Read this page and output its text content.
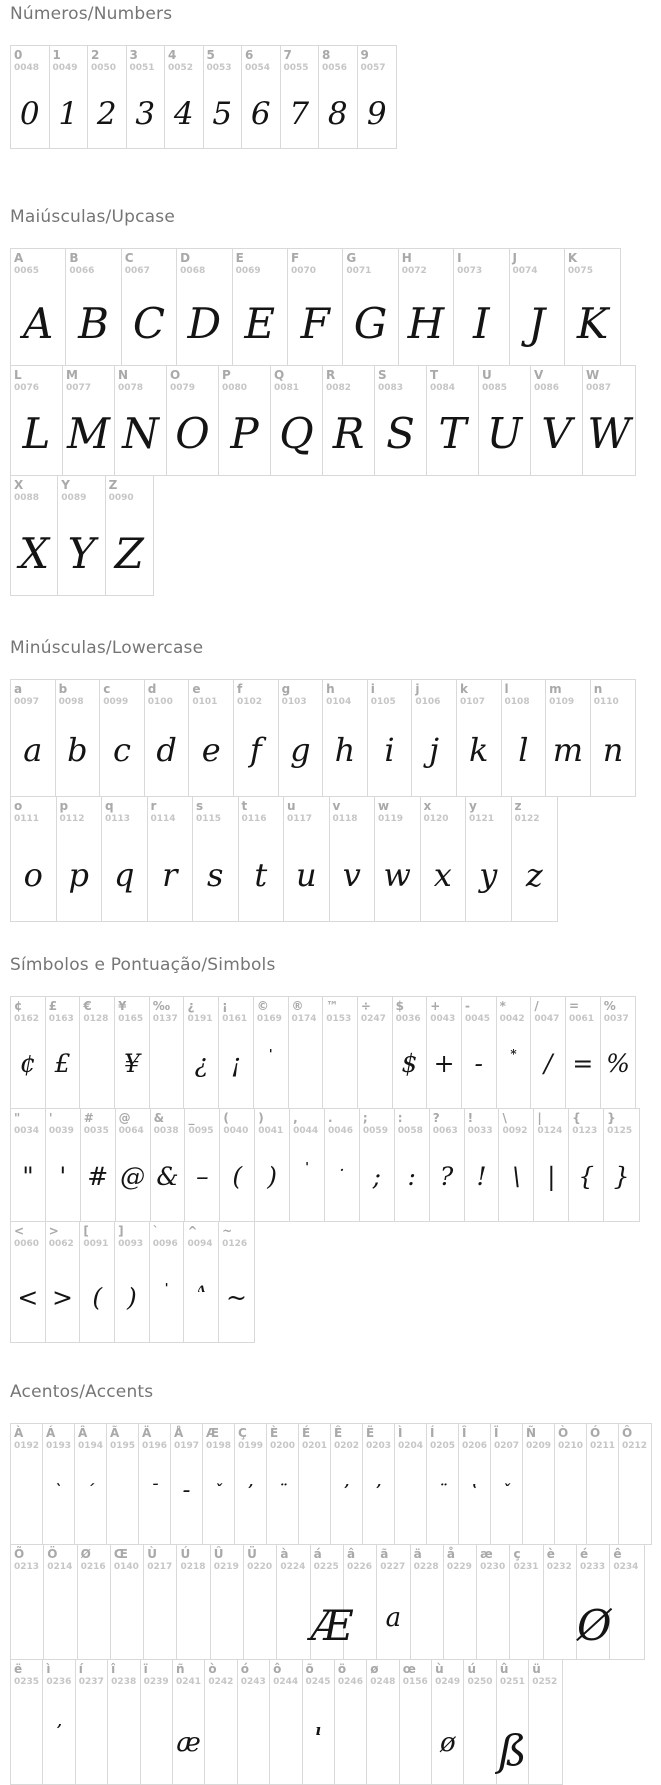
Números/Numbers
0
0048
0
1
0049
1
2
0050
2
3
0051
3
4
0052
4
5
0053
5
6
0054
6
7
0055
7
8
0056
8
9
0057
9
Maiúsculas/Upcase
A
0065
A
B
0066
B
C
0067
C
D
0068
D
E
0069
E
F
0070
F
G
0071
G
H
0072
H
I
0073
I
J
0074
J
K
0075
K
L
0076
L
M
0077
M
N
0078
N
O
0079
O
P
0080
P
Q
0081
Q
R
0082
R
S
0083
S
T
0084
T
U
0085
U
V
0086
V
W
0087
W
X
0088
X
Y
0089
Y
Z
0090
Z
Minúsculas/Lowercase
a
0097
a
b
0098
b
c
0099
c
d
0100
d
e
0101
e
f
0102
f
g
0103
g
h
0104
h
i
0105
i
j
0106
j
k
0107
k
l
0108
l
m
0109
m
n
0110
n
o
0111
o
p
0112
p
q
0113
q
r
0114
r
s
0115
s
t
0116
t
u
0117
u
v
0118
v
w
0119
w
x
0120
x
y
0121
y
z
0122
z
Símbolos e Pontuação/Simbols
¢
0162
¢
£
0163
£
€
0128
¥
0165
¥
‰
0137
¿
0191
¿
¡
0161
¡
©
0169
'
®
0174
™
0153
÷
0247
$
0036
$
+
0043
+
-
0045
-
*
0042
*
/
0047
/
=
0061
=
%
0037
%
"
0034
"
'
0039
'
#
0035
#
@
0064
@
&
0038
&
_
0095
–
(
0040
(
)
0041
)
,
0044
'
.
0046
.
;
0059
;
:
0058
:
?
0063
?
!
0033
!
\
0092
\
|
0124
|
{
0123
{
}
0125
}
<
0060
<
>
0062
>
[
0091
(
]
0093
)
`
0096
'
^
0094
ʌ
~
0126
~
Acentos/Accents
À
0192
Á
0193
ˋ
Â
0194
ˊ
Ã
0195
Ä
0196
ˉ
Å
0197
–
Æ
0198
ˇ
Ç
0199
ʼ
È
0200
¨
É
0201
Ê
0202
ʼ
Ë
0203
ʼ
Ì
0204
Í
0205
¨
Î
0206
ʽ
Ï
0207
ˇ
Ñ
0209
Ò
0210
Ó
0211
Ô
0212
Õ
0213
Ö
0214
Ø
0216
Œ
0140
Ù
0217
Ú
0218
Û
0219
Ü
0220
à
0224
á
0225
Æ
â
0226
ã
0227
a
ä
0228
å
0229
æ
0230
ç
0231
è
0232
é
0233
Ø
ê
0234
ë
0235
ì
0236
ʼ
í
0237
î
0238
ï
0239
ñ
0241
æ
ò
0242
ó
0243
ô
0244
õ
0245
ı
ö
0246
ø
0248
œ
0156
ù
0249
ø
ú
0250
û
0251
ß
ü
0252
